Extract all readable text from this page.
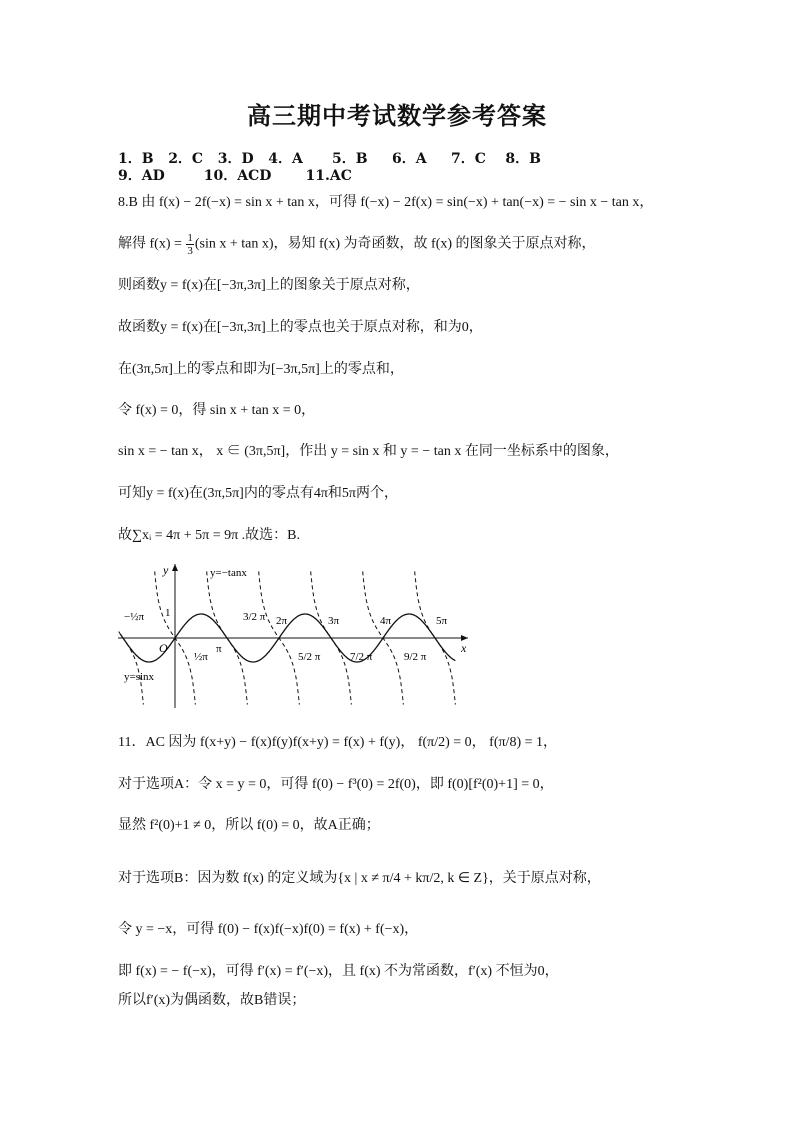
高三期中考试数学参考答案
1．B   2．C   3．D   4．A      5．B     6．A     7．C    8．B
9．AD        10．ACD       11.AC
8.B 由 f(x) − 2f(−x) = sin x + tan x，可得 f(−x) − 2f(x) = sin(−x) + tan(−x) = − sin x − tan x，
解得 $f(x) = \frac{1}{3} (\sin$ x + tan x)，易知 f(x) 为奇函数，故 f(x) 的图象关于原点对称，
则函数y = f(x)在[−3π,3π]上的图象关于原点对称，
故函数y = f(x)在[−3π,3π]上的零点也关于原点对称，和为0，
在(3π,5π]上的零点和即为[−3π,5π]上的零点和，
令 f(x) = 0，得 sin x + tan x = 0，
sin x = − tan x， x ∈ (3π,5π]，作出 y = sin x 和 y = − tan x 在同一坐标系中的图象，
可知y = f(x)在(3π,5π]内的零点有4π和5π两个，
故∑xᵢ = 4π + 5π = 9π .故选：B.
y
x
O
y=−tanx
y=sinx
1
−½π	3/2 π 2π	3π	4π	5π
½π
π
5/2 π	7/2 π	9/2 π
11．AC 因为 f(x+y) − f(x)f(y)f(x+y) = f(x) + f(y)， f(π/2) = 0， f(π/8) = 1，
对于选项A：令 x = y = 0，可得 f(0) − f³(0) = 2f(0)，即 f(0)[f²(0)+1] = 0，
显然 f²(0)+1 ≠ 0，所以 f(0) = 0，故A正确；
对于选项B：因为数 f(x) 的定义域为{x | x ≠ π/4 + kπ/2, k ∈ Z}，关于原点对称，
令 y = −x，可得 f(0) − f(x)f(−x)f(0) = f(x) + f(−x)，
即 f(x) = − f(−x)，可得 f′(x) = f′(−x)，且 f(x) 不为常函数，f′(x) 不恒为0，
所以f′(x)为偶函数，故B错误；
